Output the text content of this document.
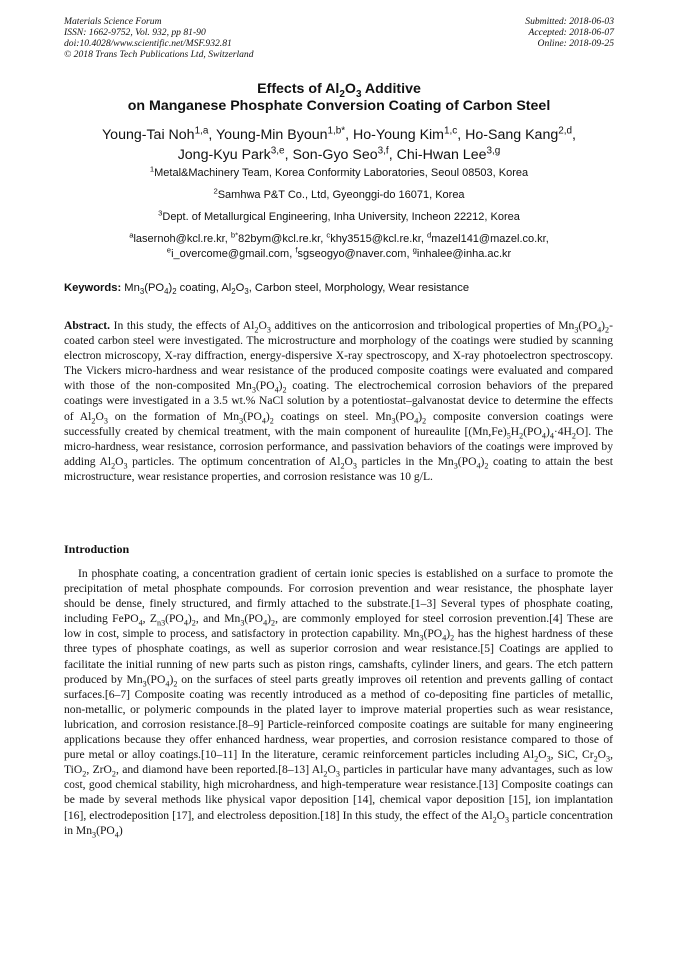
Materials Science Forum
ISSN: 1662-9752, Vol. 932, pp 81-90
doi:10.4028/www.scientific.net/MSF.932.81
© 2018 Trans Tech Publications Ltd, Switzerland
Submitted: 2018-06-03
Accepted: 2018-06-07
Online: 2018-09-25
Effects of $Al_2O_3$ Additive
on Manganese Phosphate Conversion Coating of Carbon Steel
Young-Tai Noh$^{1,a}$, Young-Min Byoun$^{1,b*}$, Ho-Young Kim$^{1,c}$, Ho-Sang Kang$^{2,d}$,
Jong-Kyu Park$^{3,e}$, Son-Gyo Seo$^{3,f}$, Chi-Hwan Lee$^{3,g}$
$^1$Metal&Machinery Team, Korea Conformity Laboratories, Seoul 08503, Korea
$^2$Samhwa P&T Co., Ltd, Gyeonggi-do 16071, Korea
$^3$Dept. of Metallurgical Engineering, Inha University, Incheon 22212, Korea
$^a$lasernoh@kcl.re.kr, $^{b*}$82bym@kcl.re.kr, $^c$khy3515@kcl.re.kr, $^d$mazel141@mazel.co.kr,
$^e$i_overcome@gmail.com, $^f$sgseogyo@naver.com, $^g$inhalee@inha.ac.kr
Keywords: $Mn_3(PO_4)_2$ coating, $Al_2O_3$, Carbon steel, Morphology, Wear resistance
Abstract. In this study, the effects of $Al_2O_3$ additives on the anticorrosion and tribological properties of $Mn_3(PO_4)_2$-coated carbon steel were investigated. The microstructure and morphology of the coatings were studied by scanning electron microscopy, X-ray diffraction, energy-dispersive X-ray spectroscopy, and X-ray photoelectron spectroscopy. The Vickers micro-hardness and wear resistance of the produced composite coatings were evaluated and compared with those of the non-composited $Mn_3(PO_4)_2$ coating. The electrochemical corrosion behaviors of the prepared coatings were investigated in a 3.5 wt.% NaCl solution by a potentiostat–galvanostat device to determine the effects of $Al_2O_3$ on the formation of $Mn_3(PO_4)_2$ coatings on steel. $Mn_3(PO_4)_2$ composite conversion coatings were successfully created by chemical treatment, with the main component of hureaulite $[(Mn,Fe)_5H_2(PO_4)_4\cdot 4H_2O]$. The micro-hardness, wear resistance, corrosion performance, and passivation behaviors of the coatings were improved by adding $Al_2O_3$ particles. The optimum concentration of $Al_2O_3$ particles in the $Mn_3(PO_4)_2$ coating to attain the best microstructure, wear resistance properties, and corrosion resistance was 10 g/L.
Introduction
In phosphate coating, a concentration gradient of certain ionic species is established on a surface to promote the precipitation of metal phosphate compounds. For corrosion prevention and wear resistance, the phosphate layer should be dense, finely structured, and firmly attached to the substrate.[1–3] Several types of phosphate coating, including FePO$_4$, $Z_{n3}(PO_4)_2$, and $Mn_3(PO_4)_2$, are commonly employed for steel corrosion prevention.[4] These are low in cost, simple to process, and satisfactory in protection capability. $Mn_3(PO_4)_2$ has the highest hardness of these three types of phosphate coatings, as well as superior corrosion and wear resistance.[5] Coatings are applied to facilitate the initial running of new parts such as piston rings, camshafts, cylinder liners, and gears. The etch pattern produced by $Mn_3(PO_4)_2$ on the surfaces of steel parts greatly improves oil retention and prevents galling of contact surfaces.[6–7] Composite coating was recently introduced as a method of co-depositing fine particles of metallic, non-metallic, or polymeric compounds in the plated layer to improve material properties such as wear resistance, lubrication, and corrosion resistance.[8–9] Particle-reinforced composite coatings are suitable for many engineering applications because they offer enhanced hardness, wear properties, and corrosion resistance compared to those of pure metal or alloy coatings.[10–11] In the literature, ceramic reinforcement particles including $Al_2O_3$, SiC, $Cr_2O_3$, TiO$_2$, ZrO$_2$, and diamond have been reported.[8–13] $Al_2O_3$ particles in particular have many advantages, such as low cost, good chemical stability, high microhardness, and high-temperature wear resistance.[13] Composite coatings can be made by several methods like physical vapor deposition [14], chemical vapor deposition [15], ion implantation [16], electrodeposition [17], and electroless deposition.[18] In this study, the effect of the $Al_2O_3$ particle concentration in $Mn_3(PO_4)$
